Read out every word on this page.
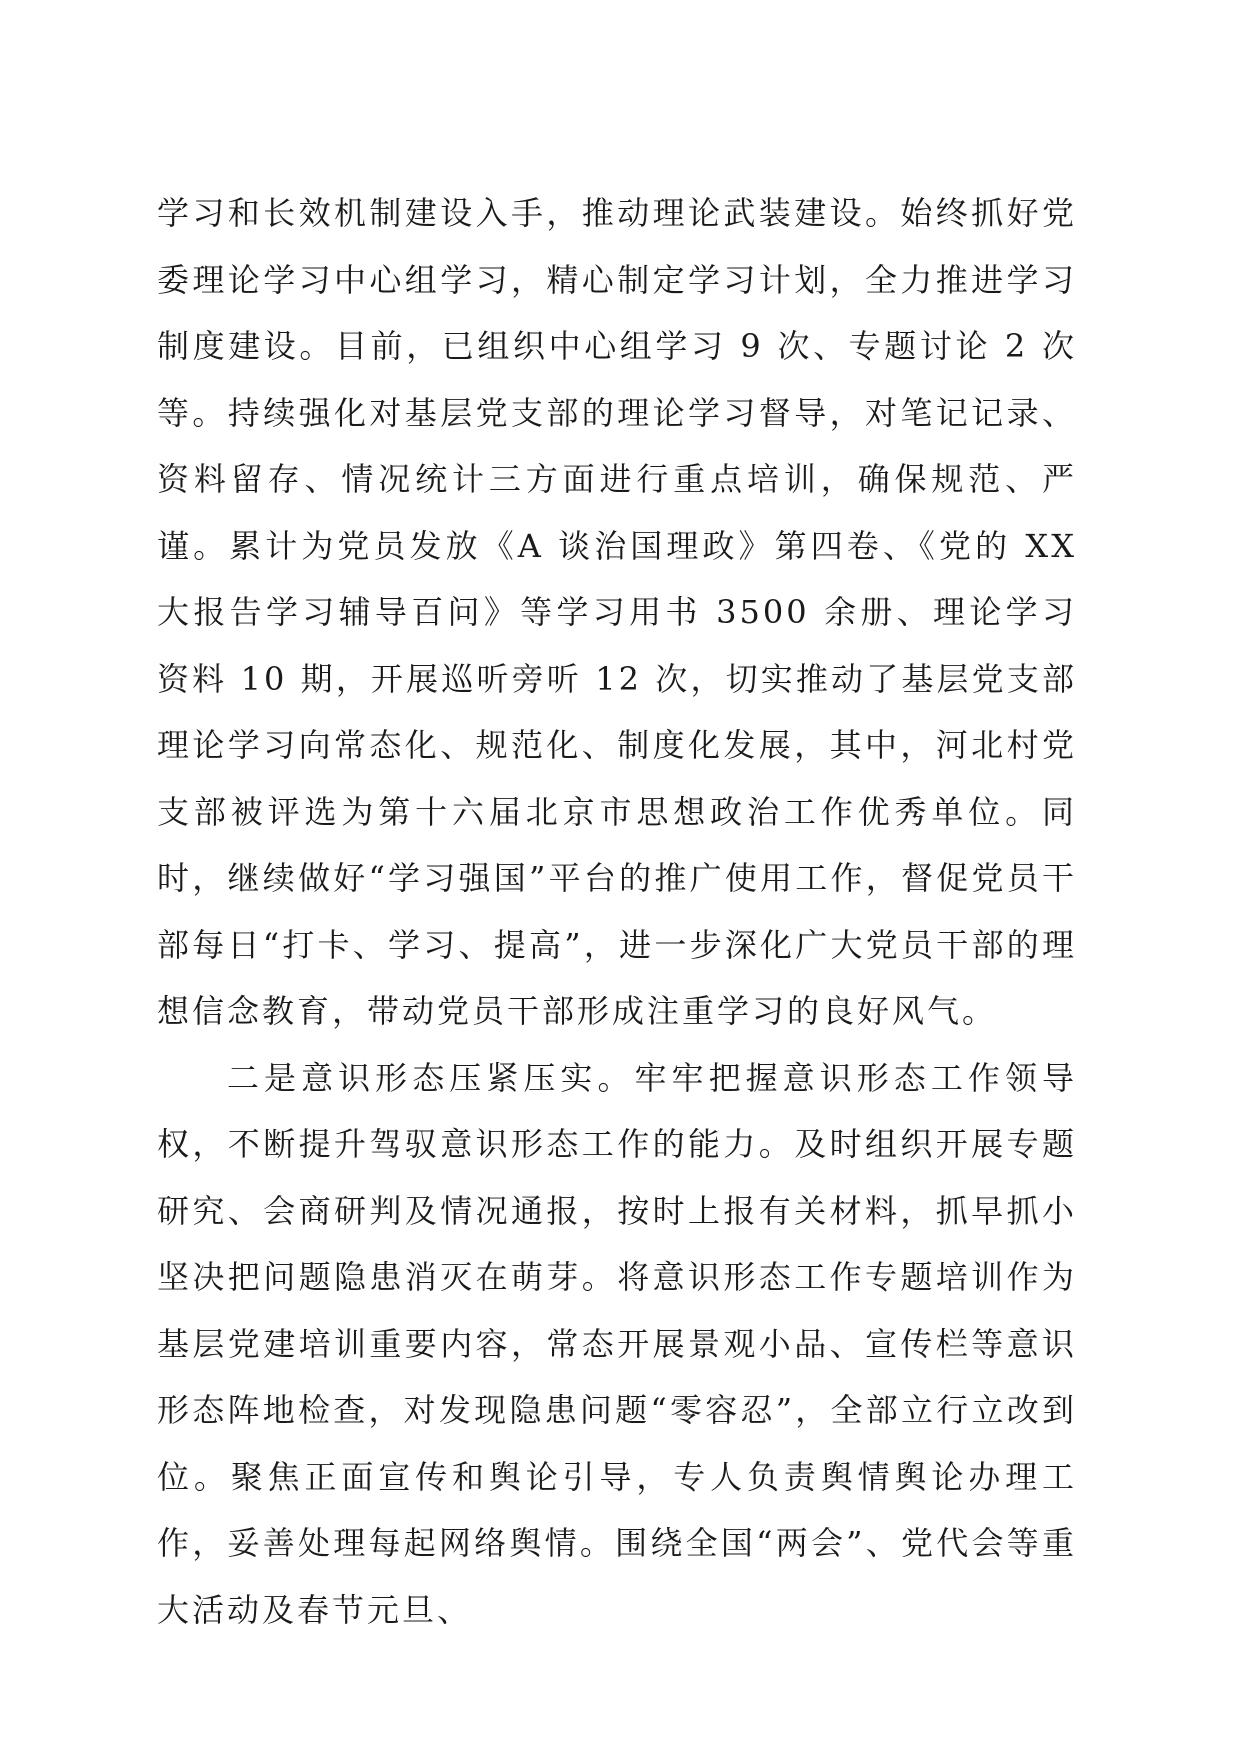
学习和长效机制建设入手，推动理论武装建设。始终抓好党委理论学习中心组学习，精心制定学习计划，全力推进学习制度建设。目前，已组织中心组学习 9 次、专题讨论 2 次等。持续强化对基层党支部的理论学习督导，对笔记记录、资料留存、情况统计三方面进行重点培训，确保规范、严谨。累计为党员发放《A 谈治国理政》第四卷、《党的 XX 大报告学习辅导百问》等学习用书 3500 余册、理论学习资料 10 期，开展巡听旁听 12 次，切实推动了基层党支部理论学习向常态化、规范化、制度化发展，其中，河北村党支部被评选为第十六届北京市思想政治工作优秀单位。同时，继续做好“学习强国”平台的推广使用工作，督促党员干部每日“打卡、学习、提高”，进一步深化广大党员干部的理想信念教育，带动党员干部形成注重学习的良好风气。

二是意识形态压紧压实。牢牢把握意识形态工作领导权，不断提升驾驭意识形态工作的能力。及时组织开展专题研究、会商研判及情况通报，按时上报有关材料，抓早抓小坚决把问题隐患消灭在萌芽。将意识形态工作专题培训作为基层党建培训重要内容，常态开展景观小品、宣传栏等意识形态阵地检查，对发现隐患问题“零容忍”，全部立行立改到位。聚焦正面宣传和舆论引导，专人负责舆情舆论办理工作，妥善处理每起网络舆情。围绕全国“两会”、党代会等重大活动及春节元旦、
